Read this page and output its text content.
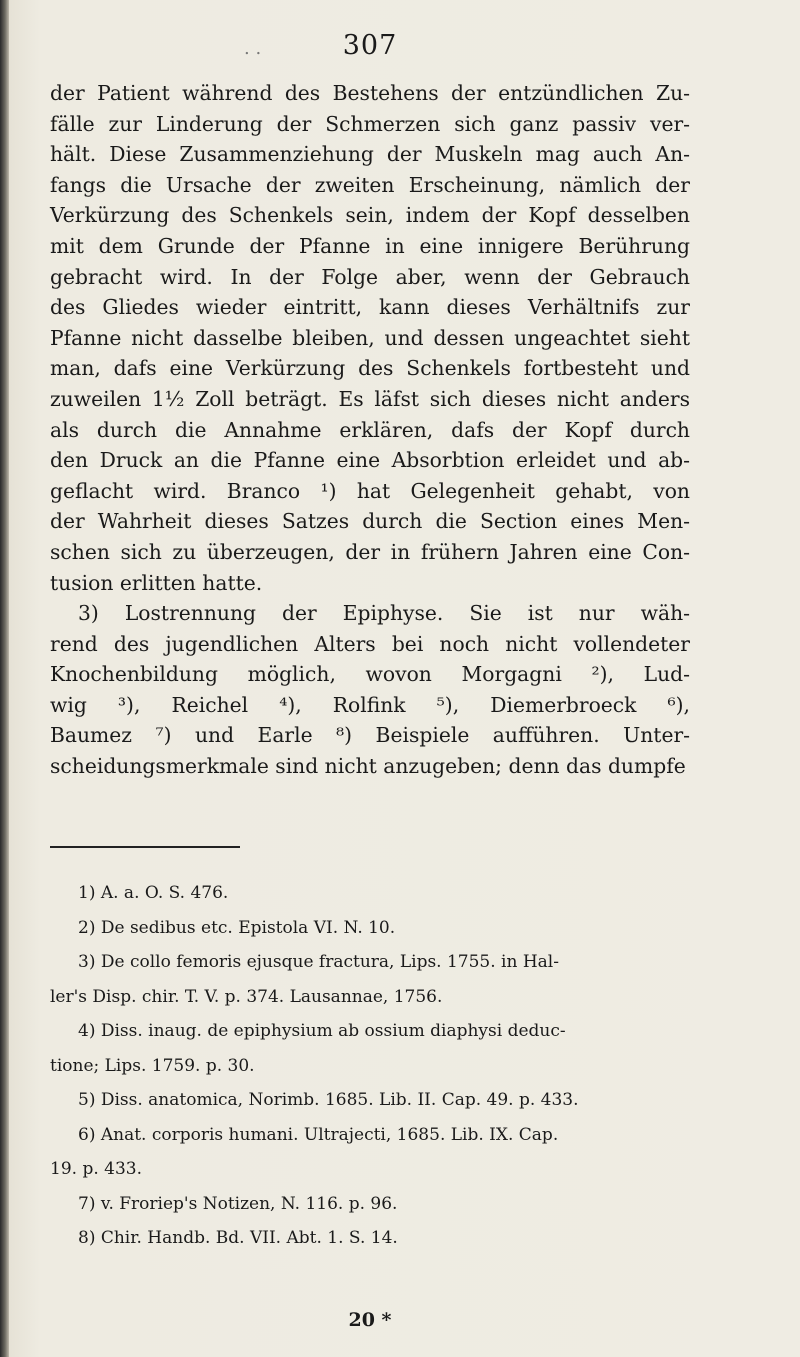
. .	307
der Patient während des Bestehens der entzündlichen Zu-
fälle zur Linderung der Schmerzen sich ganz passiv ver-
hält. Diese Zusammenziehung der Muskeln mag auch An-
fangs die Ursache der zweiten Erscheinung, nämlich der
Verkürzung des Schenkels sein, indem der Kopf desselben
mit dem Grunde der Pfanne in eine innigere Berührung
gebracht wird. In der Folge aber, wenn der Gebrauch
des Gliedes wieder eintritt, kann dieses Verhältnifs zur
Pfanne nicht dasselbe bleiben, und dessen ungeachtet sieht
man, dafs eine Verkürzung des Schenkels fortbesteht und
zuweilen 1½ Zoll beträgt. Es läfst sich dieses nicht anders
als durch die Annahme erklären, dafs der Kopf durch
den Druck an die Pfanne eine Absorbtion erleidet und ab-
geflacht wird. Branco ¹) hat Gelegenheit gehabt, von
der Wahrheit dieses Satzes durch die Section eines Men-
schen sich zu überzeugen, der in frühern Jahren eine Con-
tusion erlitten hatte.
3) Lostrennung der Epiphyse. Sie ist nur wäh-
rend des jugendlichen Alters bei noch nicht vollendeter
Knochenbildung möglich, wovon Morgagni ²), Lud-
wig ³), Reichel ⁴), Rolfink ⁵), Diemerbroeck ⁶),
Baumez ⁷) und Earle ⁸) Beispiele aufführen. Unter-
scheidungsmerkmale sind nicht anzugeben; denn das dumpfe
1) A. a. O. S. 476.
2) De sedibus etc. Epistola VI. N. 10.
3) De collo femoris ejusque fractura, Lips. 1755. in Hal-
ler's Disp. chir. T. V. p. 374. Lausannae, 1756.
4) Diss. inaug. de epiphysium ab ossium diaphysi deduc-
tione; Lips. 1759. p. 30.
5) Diss. anatomica, Norimb. 1685. Lib. II. Cap. 49. p. 433.
6) Anat. corporis humani. Ultrajecti, 1685. Lib. IX. Cap.
19. p. 433.
7) v. Froriep's Notizen, N. 116. p. 96.
8) Chir. Handb. Bd. VII. Abt. 1. S. 14.
20 *
